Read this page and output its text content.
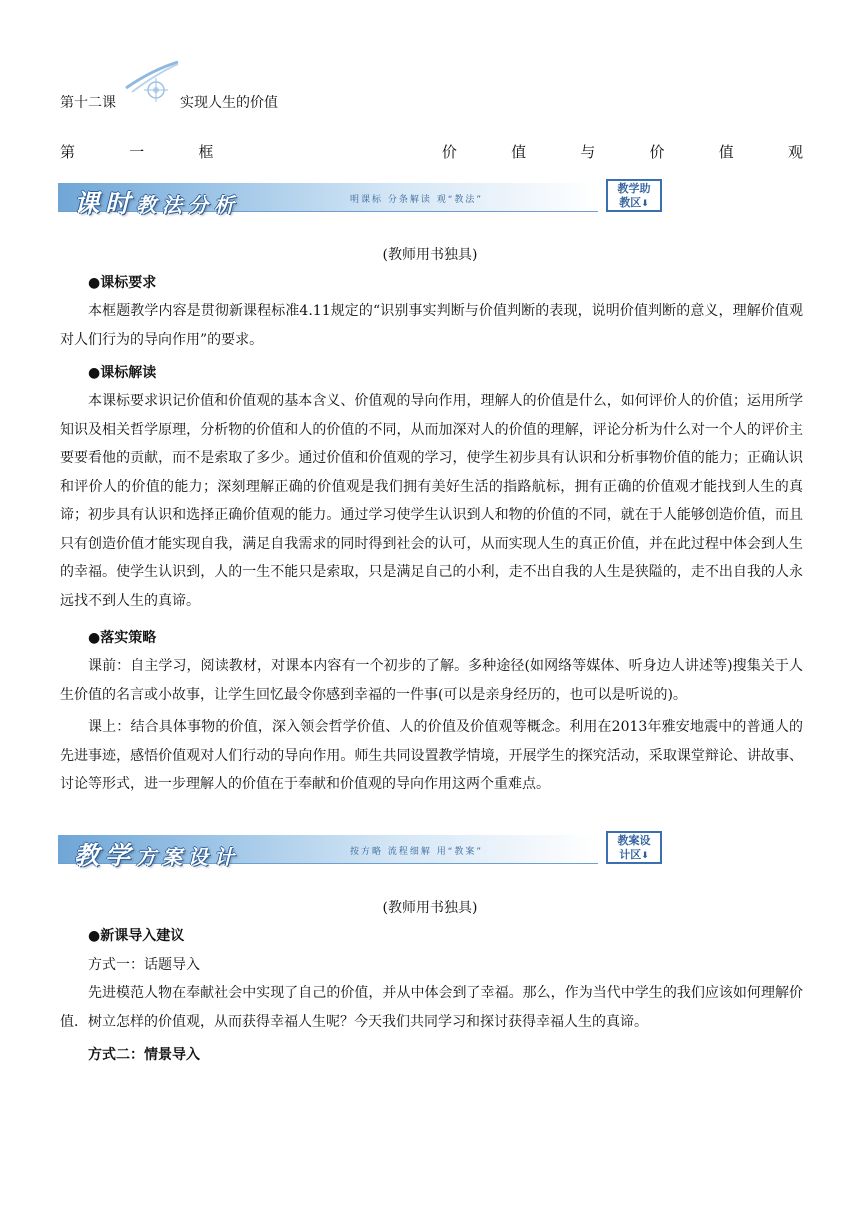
第十二课	实现人生的价值
第	一	框	价	值	与	价	值	观
课时教法分析	明课标 分条解读 观“教法”
教学助
教区⬇
(教师用书独具)
●课标要求
本框题教学内容是贯彻新课程标准4.11规定的“识别事实判断与价值判断的表现，说明价值判断的意义，理解价值观对人们行为的导向作用”的要求。
●课标解读
本课标要求识记价值和价值观的基本含义、价值观的导向作用，理解人的价值是什么，如何评价人的价值；运用所学知识及相关哲学原理，分析物的价值和人的价值的不同，从而加深对人的价值的理解，评论分析为什么对一个人的评价主要要看他的贡献，而不是索取了多少。通过价值和价值观的学习，使学生初步具有认识和分析事物价值的能力；正确认识和评价人的价值的能力；深刻理解正确的价值观是我们拥有美好生活的指路航标，拥有正确的价值观才能找到人生的真谛；初步具有认识和选择正确价值观的能力。通过学习使学生认识到人和物的价值的不同，就在于人能够创造价值，而且只有创造价值才能实现自我，满足自我需求的同时得到社会的认可，从而实现人生的真正价值，并在此过程中体会到人生的幸福。使学生认识到，人的一生不能只是索取，只是满足自己的小利，走不出自我的人生是狭隘的，走不出自我的人永远找不到人生的真谛。
●落实策略
课前：自主学习，阅读教材，对课本内容有一个初步的了解。多种途径(如网络等媒体、听身边人讲述等)搜集关于人生价值的名言或小故事，让学生回忆最令你感到幸福的一件事(可以是亲身经历的，也可以是听说的)。
课上：结合具体事物的价值，深入领会哲学价值、人的价值及价值观等概念。利用在2013年雅安地震中的普通人的先进事迹，感悟价值观对人们行动的导向作用。师生共同设置教学情境，开展学生的探究活动，采取课堂辩论、讲故事、讨论等形式，进一步理解人的价值在于奉献和价值观的导向作用这两个重难点。
教学方案设计	按方略 流程细解 用“教案”
教案设
计区⬇
(教师用书独具)
●新课导入建议
方式一：话题导入
先进模范人物在奉献社会中实现了自己的价值，并从中体会到了幸福。那么，作为当代中学生的我们应该如何理解价值．树立怎样的价值观，从而获得幸福人生呢？今天我们共同学习和探讨获得幸福人生的真谛。
方式二：情景导入
